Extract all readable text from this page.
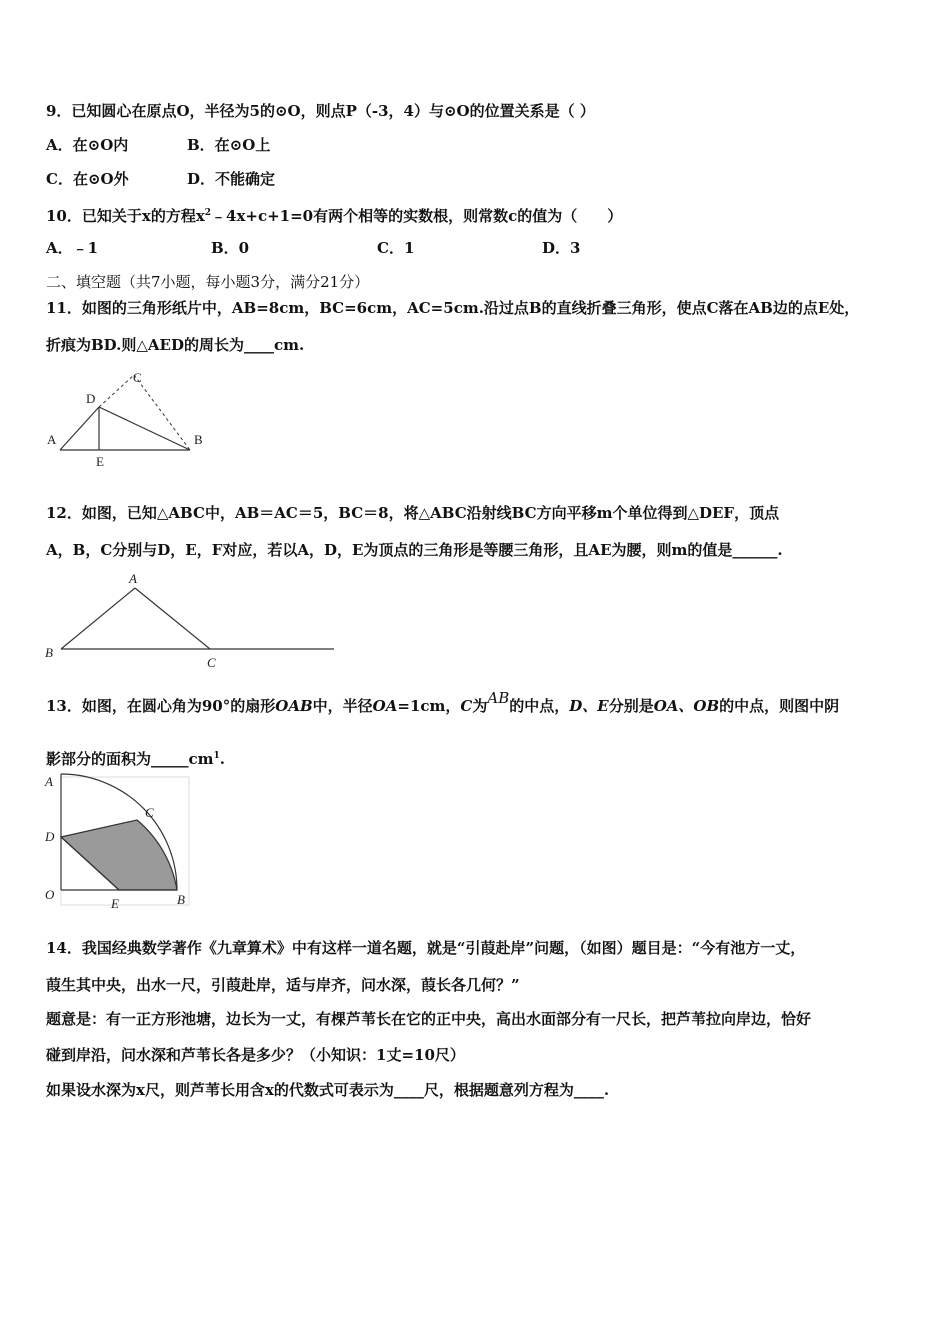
9．已知圆心在原点O，半径为5的⊙O，则点P（-3，4）与⊙O的位置关系是（ ）
A．在⊙O内	B．在⊙O上
C．在⊙O外	D．不能确定
10．已知关于x的方程$x^2﹣4x+c+1=0$有两个相等的实数根，则常数c的值为（　　）
A．﹣1	B．0	C．1	D．3
二、填空题（共7小题，每小题3分，满分21分）
11．如图的三角形纸片中，AB=8cm，BC=6cm，AC=5cm.沿过点B的直线折叠三角形，使点C落在AB边的点E处，
折痕为BD.则△AED的周长为____cm.
A	B
C
D
E
12．如图，已知△ABC中，AB＝AC＝5，BC＝8，将△ABC沿射线BC方向平移m个单位得到△DEF，顶点
A，B，C分别与D，E，F对应，若以A，D，E为顶点的三角形是等腰三角形，且AE为腰，则m的值是______.
A
B
C
13．如图，在圆心角为90°的扇形OAB中，半径OA=1cm，C为AB的中点，D、E分别是OA、OB的中点，则图中阴
影部分的面积为$\_\_\_\_\_cm^1$.
A
C
D
O
E	B
14．我国经典数学著作《九章算术》中有这样一道名题，就是“引葭赴岸”问题，（如图）题目是：“今有池方一丈，
葭生其中央，出水一尺，引葭赴岸，适与岸齐，问水深，葭长各几何？”
题意是：有一正方形池塘，边长为一丈，有棵芦苇长在它的正中央，高出水面部分有一尺长，把芦苇拉向岸边，恰好
碰到岸沿，问水深和芦苇长各是多少？（小知识：1丈=10尺）
如果设水深为x尺，则芦苇长用含x的代数式可表示为____尺，根据题意列方程为____.
